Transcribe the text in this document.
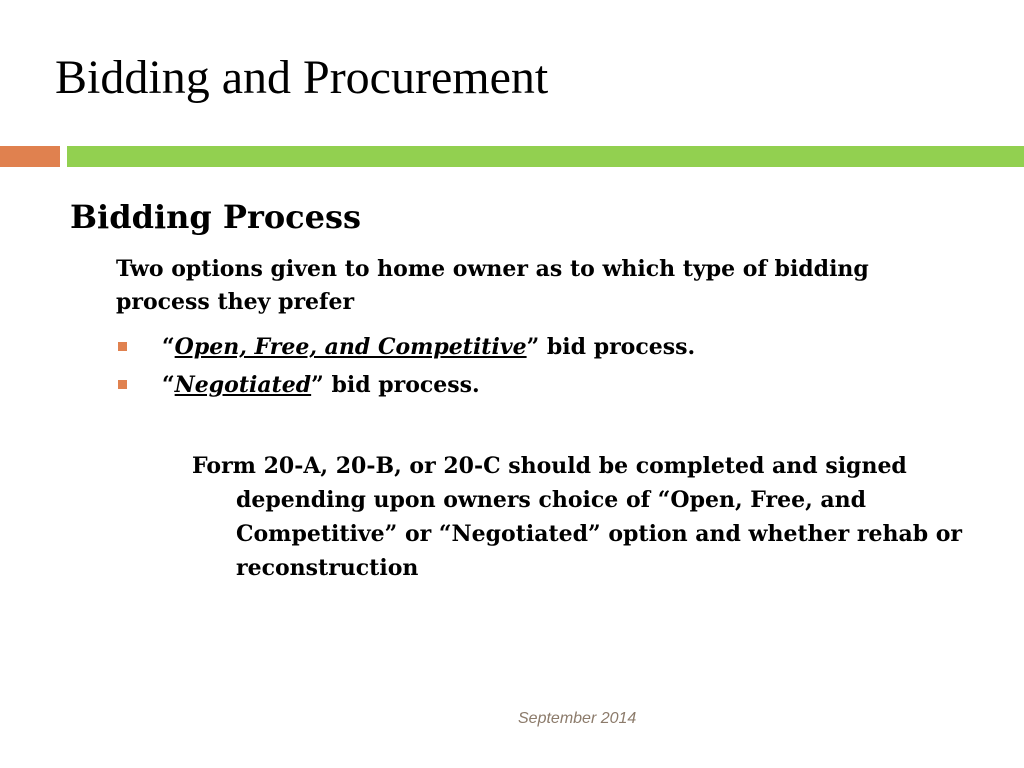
Bidding and Procurement
Bidding Process

Two options given to home owner as to which type of bidding process they prefer

“Open, Free, and Competitive” bid process.
“Negotiated” bid process.

Form 20-A, 20-B, or 20-C should be completed and signed depending upon owners choice of “Open, Free, and Competitive” or “Negotiated” option and whether rehab or reconstruction

September 2014
